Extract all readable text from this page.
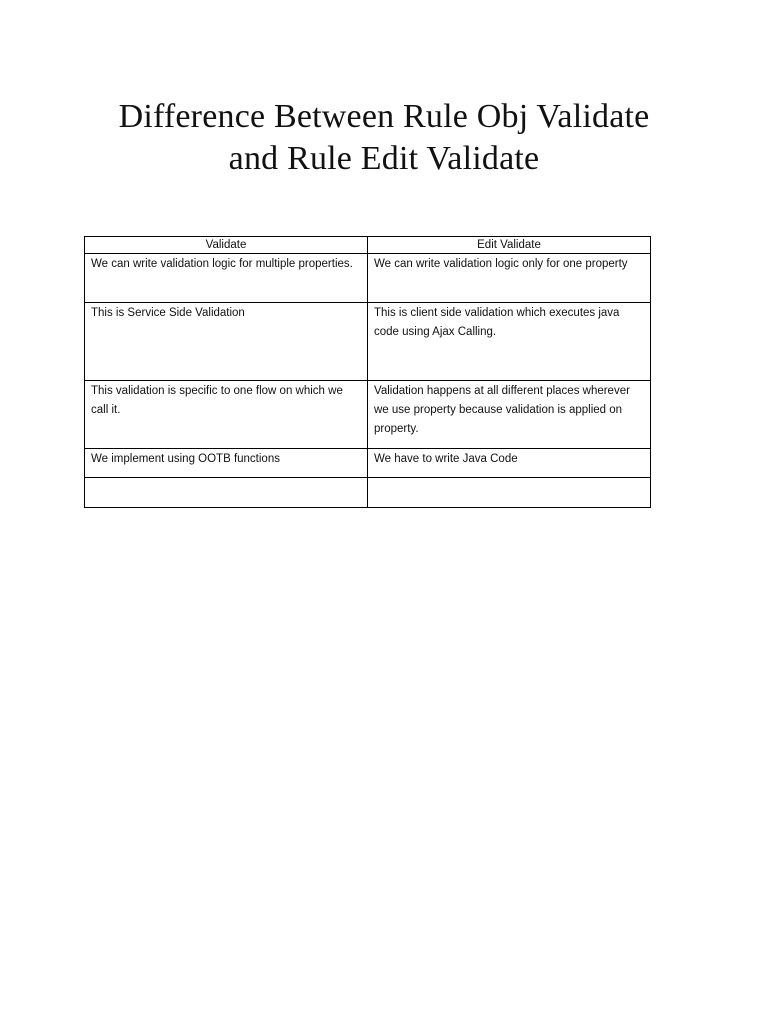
Difference Between Rule Obj Validate
and Rule Edit Validate
Validate	Edit Validate

We can write validation logic for multiple properties.	We can write validation logic only for one property

This is Service Side Validation	This is client side validation which executes java code using Ajax Calling.

This validation is specific to one flow on which we call it.	Validation happens at all different places wherever we use property because validation is applied on property.

We implement using OOTB functions	We have to write Java Code
